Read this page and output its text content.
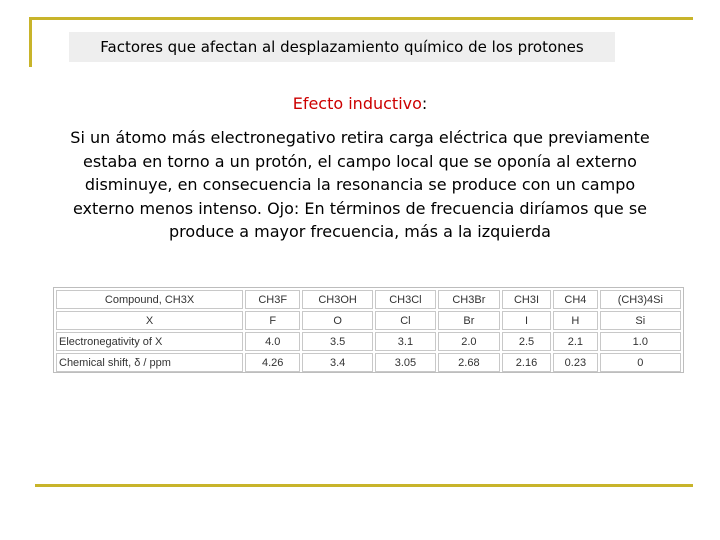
Factores que afectan al desplazamiento químico de los protones
Efecto inductivo:
Si un átomo más electronegativo retira carga eléctrica que previamente estaba en torno a un protón, el campo local que se oponía al externo disminuye, en consecuencia la resonancia se produce con un campo externo menos intenso. Ojo: En términos de frecuencia diríamos que se produce a mayor frecuencia, más a la izquierda
Compound, CH3X	CH3F	CH3OH	CH3Cl	CH3Br	CH3I	CH4	(CH3)4Si
X	F	O	Cl	Br	I	H	Si
Electronegativity of X	4.0	3.5	3.1	2.0	2.5	2.1	1.0
Chemical shift, δ / ppm	4.26	3.4	3.05	2.68	2.16	0.23	0
